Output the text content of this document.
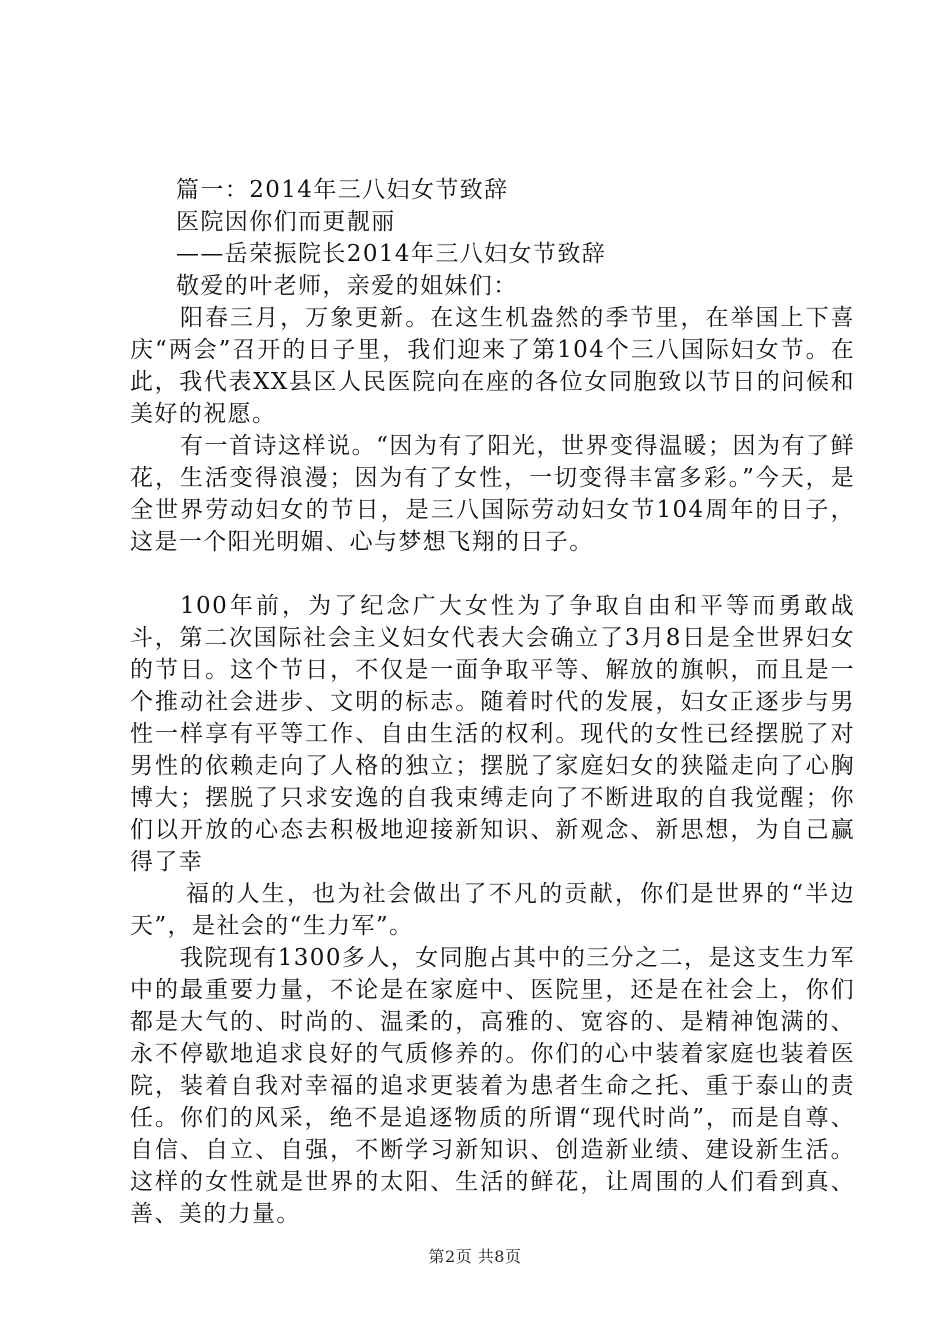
篇一：2014年三八妇女节致辞
医院因你们而更靓丽
——岳荣振院长2014年三八妇女节致辞
敬爱的叶老师，亲爱的姐妹们：

阳春三月，万象更新。在这生机盎然的季节里，在举国上下喜庆“两会”召开的日子里，我们迎来了第104个三八国际妇女节。在此，我代表XX县区人民医院向在座的各位女同胞致以节日的问候和美好的祝愿。

有一首诗这样说。“因为有了阳光，世界变得温暖；因为有了鲜花，生活变得浪漫；因为有了女性，一切变得丰富多彩。”今天，是全世界劳动妇女的节日，是三八国际劳动妇女节104周年的日子，这是一个阳光明媚、心与梦想飞翔的日子。

100年前，为了纪念广大女性为了争取自由和平等而勇敢战斗，第二次国际社会主义妇女代表大会确立了3月8日是全世界妇女的节日。这个节日，不仅是一面争取平等、解放的旗帜，而且是一个推动社会进步、文明的标志。随着时代的发展，妇女正逐步与男性一样享有平等工作、自由生活的权利。现代的女性已经摆脱了对男性的依赖走向了人格的独立；摆脱了家庭妇女的狭隘走向了心胸博大；摆脱了只求安逸的自我束缚走向了不断进取的自我觉醒；你们以开放的心态去积极地迎接新知识、新观念、新思想，为自己赢得了幸

福的人生，也为社会做出了不凡的贡献，你们是世界的“半边天”，是社会的“生力军”。

我院现有1300多人，女同胞占其中的三分之二，是这支生力军中的最重要力量，不论是在家庭中、医院里，还是在社会上，你们都是大气的、时尚的、温柔的，高雅的、宽容的、是精神饱满的、永不停歇地追求良好的气质修养的。你们的心中装着家庭也装着医院，装着自我对幸福的追求更装着为患者生命之托、重于泰山的责任。你们的风采，绝不是追逐物质的所谓“现代时尚”，而是自尊、自信、自立、自强，不断学习新知识、创造新业绩、建设新生活。这样的女性就是世界的太阳、生活的鲜花，让周围的人们看到真、善、美的力量。

第2页 共8页
